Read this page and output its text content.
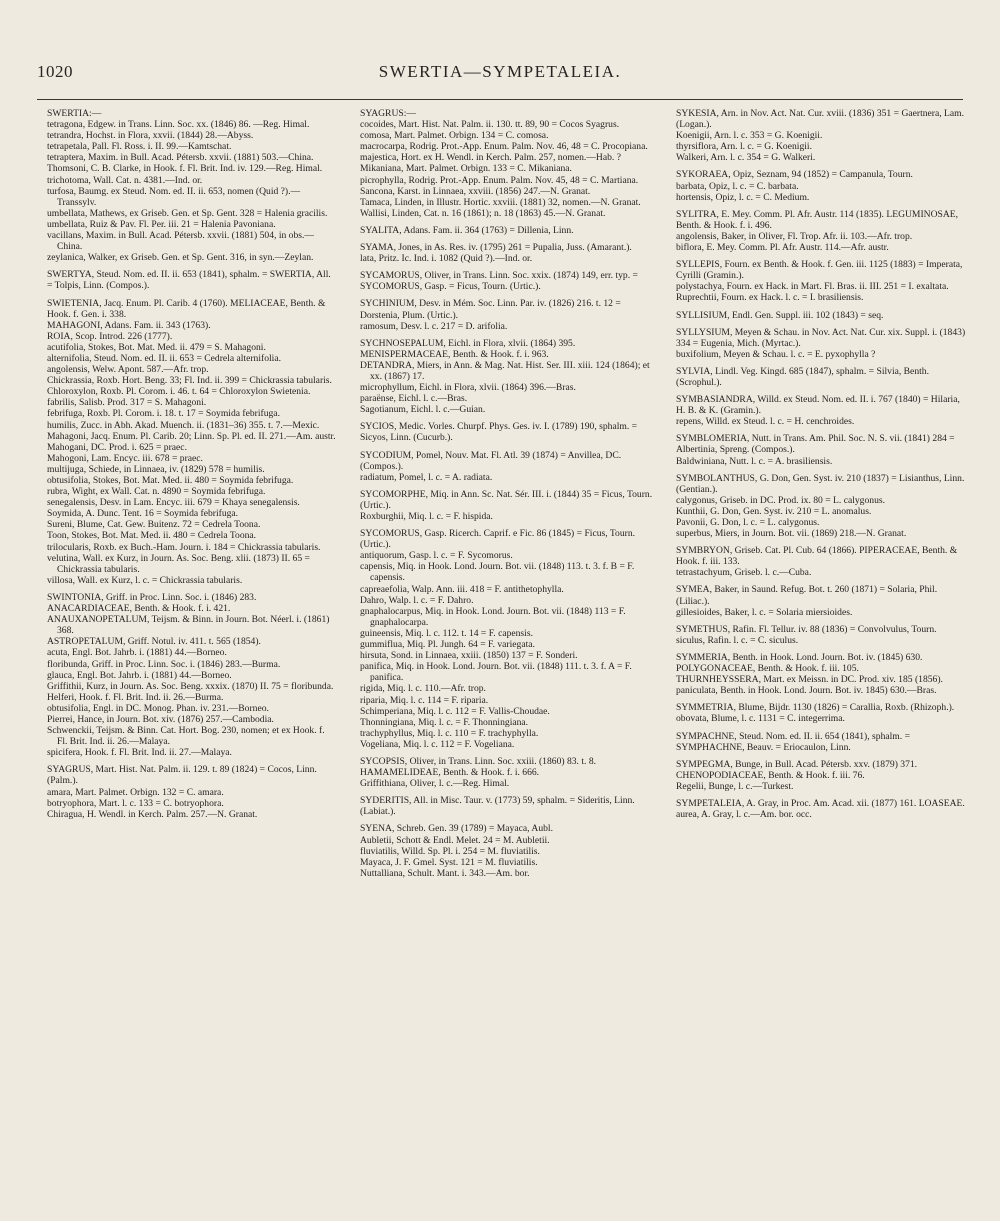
1020	SWERTIA—SYMPETALEIA.
SWERTIA:—
tetragona, Edgew. in Trans. Linn. Soc. xx. (1846) 86. —Reg. Himal.
tetrandra, Hochst. in Flora, xxvii. (1844) 28.—Abyss.
tetrapetala, Pall. Fl. Ross. i. II. 99.—Kamtschat.
tetraptera, Maxim. in Bull. Acad. Pétersb. xxvii. (1881) 503.—China.
Thomsoni, C. B. Clarke, in Hook. f. Fl. Brit. Ind. iv. 129.—Reg. Himal.
trichotoma, Wall. Cat. n. 4381.—Ind. or.
turfosa, Baumg. ex Steud. Nom. ed. II. ii. 653, nomen (Quid ?).—Transsylv.
umbellata, Mathews, ex Griseb. Gen. et Sp. Gent. 328 = Halenia gracilis.
umbellata, Ruiz & Pav. Fl. Per. iii. 21 = Halenia Pavoniana.
vacillans, Maxim. in Bull. Acad. Pétersb. xxvii. (1881) 504, in obs.—China.
zeylanica, Walker, ex Griseb. Gen. et Sp. Gent. 316, in syn.—Zeylan.
SWERTYA, Steud. Nom. ed. II. ii. 653 (1841), sphalm. = SWERTIA, All. = Tolpis, Linn. (Compos.).
SWIETENIA, Jacq. Enum. Pl. Carib. 4 (1760). MELIACEAE, Benth. & Hook. f. Gen. i. 338.
MAHAGONI, Adans. Fam. ii. 343 (1763).
ROIA, Scop. Introd. 226 (1777).
acutifolia, Stokes, Bot. Mat. Med. ii. 479 = S. Mahagoni.
alternifolia, Steud. Nom. ed. II. ii. 653 = Cedrela alternifolia.
angolensis, Welw. Apont. 587.—Afr. trop.
Chickrassia, Roxb. Hort. Beng. 33; Fl. Ind. ii. 399 = Chickrassia tabularis.
Chloroxylon, Roxb. Pl. Corom. i. 46. t. 64 = Chloroxylon Swietenia.
fabrilis, Salisb. Prod. 317 = S. Mahagoni.
febrifuga, Roxb. Pl. Corom. i. 18. t. 17 = Soymida febrifuga.
humilis, Zucc. in Abh. Akad. Muench. ii. (1831–36) 355. t. 7.—Mexic.
Mahagoni, Jacq. Enum. Pl. Carib. 20; Linn. Sp. Pl. ed. II. 271.—Am. austr.
Mahogani, DC. Prod. i. 625 = praec.
Mahogoni, Lam. Encyc. iii. 678 = praec.
multijuga, Schiede, in Linnaea, iv. (1829) 578 = humilis.
obtusifolia, Stokes, Bot. Mat. Med. ii. 480 = Soymida febrifuga.
rubra, Wight, ex Wall. Cat. n. 4890 = Soymida febrifuga.
senegalensis, Desv. in Lam. Encyc. iii. 679 = Khaya senegalensis.
Soymida, A. Dunc. Tent. 16 = Soymida febrifuga.
Sureni, Blume, Cat. Gew. Buitenz. 72 = Cedrela Toona.
Toon, Stokes, Bot. Mat. Med. ii. 480 = Cedrela Toona.
trilocularis, Roxb. ex Buch.-Ham. Journ. i. 184 = Chickrassia tabularis.
velutina, Wall. ex Kurz, in Journ. As. Soc. Beng. xlii. (1873) II. 65 = Chickrassia tabularis.
villosa, Wall. ex Kurz, l. c. = Chickrassia tabularis.
SWINTONIA, Griff. in Proc. Linn. Soc. i. (1846) 283. ANACARDIACEAE, Benth. & Hook. f. i. 421.
ANAUXANOPETALUM, Teijsm. & Binn. in Journ. Bot. Néerl. i. (1861) 368.
ASTROPETALUM, Griff. Notul. iv. 411. t. 565 (1854).
acuta, Engl. Bot. Jahrb. i. (1881) 44.—Borneo.
floribunda, Griff. in Proc. Linn. Soc. i. (1846) 283.—Burma.
glauca, Engl. Bot. Jahrb. i. (1881) 44.—Borneo.
Griffithii, Kurz, in Journ. As. Soc. Beng. xxxix. (1870) II. 75 = floribunda.
Helferi, Hook. f. Fl. Brit. Ind. ii. 26.—Burma.
obtusifolia, Engl. in DC. Monog. Phan. iv. 231.—Borneo.
Pierrei, Hance, in Journ. Bot. xiv. (1876) 257.—Cambodia.
Schwenckii, Teijsm. & Binn. Cat. Hort. Bog. 230, nomen; et ex Hook. f. Fl. Brit. Ind. ii. 26.—Malaya.
spicifera, Hook. f. Fl. Brit. Ind. ii. 27.—Malaya.
SYAGRUS, Mart. Hist. Nat. Palm. ii. 129. t. 89 (1824) = Cocos, Linn. (Palm.).
amara, Mart. Palmet. Orbign. 132 = C. amara.
botryophora, Mart. l. c. 133 = C. botryophora.
Chiragua, H. Wendl. in Kerch. Palm. 257.—N. Granat.
SYAGRUS:—
cocoides, Mart. Hist. Nat. Palm. ii. 130. tt. 89, 90 = Cocos Syagrus.
comosa, Mart. Palmet. Orbign. 134 = C. comosa.
macrocarpa, Rodrig. Prot.-App. Enum. Palm. Nov. 46, 48 = C. Procopiana.
majestica, Hort. ex H. Wendl. in Kerch. Palm. 257, nomen.—Hab. ?
Mikaniana, Mart. Palmet. Orbign. 133 = C. Mikaniana.
picrophylla, Rodrig. Prot.-App. Enum. Palm. Nov. 45, 48 = C. Martiana.
Sancona, Karst. in Linnaea, xxviii. (1856) 247.—N. Granat.
Tamaca, Linden, in Illustr. Hortic. xxviii. (1881) 32, nomen.—N. Granat.
Wallisi, Linden, Cat. n. 16 (1861); n. 18 (1863) 45.—N. Granat.
SYALITA, Adans. Fam. ii. 364 (1763) = Dillenia, Linn.
SYAMA, Jones, in As. Res. iv. (1795) 261 = Pupalia, Juss. (Amarant.).
lata, Pritz. Ic. Ind. i. 1082 (Quid ?).—Ind. or.
SYCAMORUS, Oliver, in Trans. Linn. Soc. xxix. (1874) 149, err. typ. = SYCOMORUS, Gasp. = Ficus, Tourn. (Urtic.).
SYCHINIUM, Desv. in Mém. Soc. Linn. Par. iv. (1826) 216. t. 12 = Dorstenia, Plum. (Urtic.).
ramosum, Desv. l. c. 217 = D. arifolia.
SYCHNOSEPALUM, Eichl. in Flora, xlvii. (1864) 395. MENISPERMACEAE, Benth. & Hook. f. i. 963.
DETANDRA, Miers, in Ann. & Mag. Nat. Hist. Ser. III. xiii. 124 (1864); et xx. (1867) 17.
microphyllum, Eichl. in Flora, xlvii. (1864) 396.—Bras.
paraënse, Eichl. l. c.—Bras.
Sagotianum, Eichl. l. c.—Guian.
SYCIOS, Medic. Vorles. Churpf. Phys. Ges. iv. I. (1789) 190, sphalm. = Sicyos, Linn. (Cucurb.).
SYCODIUM, Pomel, Nouv. Mat. Fl. Atl. 39 (1874) = Anvillea, DC. (Compos.).
radiatum, Pomel, l. c. = A. radiata.
SYCOMORPHE, Miq. in Ann. Sc. Nat. Sér. III. i. (1844) 35 = Ficus, Tourn. (Urtic.).
Roxburghii, Miq. l. c. = F. hispida.
SYCOMORUS, Gasp. Ricerch. Caprif. e Fic. 86 (1845) = Ficus, Tourn. (Urtic.).
antiquorum, Gasp. l. c. = F. Sycomorus.
capensis, Miq. in Hook. Lond. Journ. Bot. vii. (1848) 113. t. 3. f. B = F. capensis.
capreaefolia, Walp. Ann. iii. 418 = F. antithetophylla.
Dahro, Walp. l. c. = F. Dahro.
gnaphalocarpus, Miq. in Hook. Lond. Journ. Bot. vii. (1848) 113 = F. gnaphalocarpa.
guineensis, Miq. l. c. 112. t. 14 = F. capensis.
gummiflua, Miq. Pl. Jungh. 64 = F. variegata.
hirsuta, Sond. in Linnaea, xxiii. (1850) 137 = F. Sonderi.
panifica, Miq. in Hook. Lond. Journ. Bot. vii. (1848) 111. t. 3. f. A = F. panifica.
rigida, Miq. l. c. 110.—Afr. trop.
riparia, Miq. l. c. 114 = F. riparia.
Schimperiana, Miq. l. c. 112 = F. Vallis-Choudae.
Thonningiana, Miq. l. c. = F. Thonningiana.
trachyphyllus, Miq. l. c. 110 = F. trachyphylla.
Vogeliana, Miq. l. c. 112 = F. Vogeliana.
SYCOPSIS, Oliver, in Trans. Linn. Soc. xxiii. (1860) 83. t. 8. HAMAMELIDEAE, Benth. & Hook. f. i. 666.
Griffithiana, Oliver, l. c.—Reg. Himal.
SYDERITIS, All. in Misc. Taur. v. (1773) 59, sphalm. = Sideritis, Linn. (Labiat.).
SYENA, Schreb. Gen. 39 (1789) = Mayaca, Aubl.
Aubletii, Schott & Endl. Melet. 24 = M. Aubletii.
fluviatilis, Willd. Sp. Pl. i. 254 = M. fluviatilis.
Mayaca, J. F. Gmel. Syst. 121 = M. fluviatilis.
Nuttalliana, Schult. Mant. i. 343.—Am. bor.
SYKESIA, Arn. in Nov. Act. Nat. Cur. xviii. (1836) 351 = Gaertnera, Lam. (Logan.).
Koenigii, Arn. l. c. 353 = G. Koenigii.
thyrsiflora, Arn. l. c. = G. Koenigii.
Walkeri, Arn. l. c. 354 = G. Walkeri.
SYKORAEA, Opiz, Seznam, 94 (1852) = Campanula, Tourn.
barbata, Opiz, l. c. = C. barbata.
hortensis, Opiz, l. c. = C. Medium.
SYLITRA, E. Mey. Comm. Pl. Afr. Austr. 114 (1835). LEGUMINOSAE, Benth. & Hook. f. i. 496.
angolensis, Baker, in Oliver, Fl. Trop. Afr. ii. 103.—Afr. trop.
biflora, E. Mey. Comm. Pl. Afr. Austr. 114.—Afr. austr.
SYLLEPIS, Fourn. ex Benth. & Hook. f. Gen. iii. 1125 (1883) = Imperata, Cyrilli (Gramin.).
polystachya, Fourn. ex Hack. in Mart. Fl. Bras. ii. III. 251 = I. exaltata.
Ruprechtii, Fourn. ex Hack. l. c. = I. brasiliensis.
SYLLISIUM, Endl. Gen. Suppl. iii. 102 (1843) = seq.
SYLLYSIUM, Meyen & Schau. in Nov. Act. Nat. Cur. xix. Suppl. i. (1843) 334 = Eugenia, Mich. (Myrtac.).
buxifolium, Meyen & Schau. l. c. = E. pyxophylla ?
SYLVIA, Lindl. Veg. Kingd. 685 (1847), sphalm. = Silvia, Benth. (Scrophul.).
SYMBASIANDRA, Willd. ex Steud. Nom. ed. II. i. 767 (1840) = Hilaria, H. B. & K. (Gramin.).
repens, Willd. ex Steud. l. c. = H. cenchroides.
SYMBLOMERIA, Nutt. in Trans. Am. Phil. Soc. N. S. vii. (1841) 284 = Albertinia, Spreng. (Compos.).
Baldwiniana, Nutt. l. c. = A. brasiliensis.
SYMBOLANTHUS, G. Don, Gen. Syst. iv. 210 (1837) = Lisianthus, Linn. (Gentian.).
calygonus, Griseb. in DC. Prod. ix. 80 = L. calygonus.
Kunthii, G. Don, Gen. Syst. iv. 210 = L. anomalus.
Pavonii, G. Don, l. c. = L. calygonus.
superbus, Miers, in Journ. Bot. vii. (1869) 218.—N. Granat.
SYMBRYON, Griseb. Cat. Pl. Cub. 64 (1866). PIPERACEAE, Benth. & Hook. f. iii. 133.
tetrastachyum, Griseb. l. c.—Cuba.
SYMEA, Baker, in Saund. Refug. Bot. t. 260 (1871) = Solaria, Phil. (Liliac.).
gillesioides, Baker, l. c. = Solaria miersioides.
SYMETHUS, Rafin. Fl. Tellur. iv. 88 (1836) = Convolvulus, Tourn.
siculus, Rafin. l. c. = C. siculus.
SYMMERIA, Benth. in Hook. Lond. Journ. Bot. iv. (1845) 630. POLYGONACEAE, Benth. & Hook. f. iii. 105.
THURNHEYSSERA, Mart. ex Meissn. in DC. Prod. xiv. 185 (1856).
paniculata, Benth. in Hook. Lond. Journ. Bot. iv. 1845) 630.—Bras.
SYMMETRIA, Blume, Bijdr. 1130 (1826) = Carallia, Roxb. (Rhizoph.).
obovata, Blume, l. c. 1131 = C. integerrima.
SYMPACHNE, Steud. Nom. ed. II. ii. 654 (1841), sphalm. = SYMPHACHNE, Beauv. = Eriocaulon, Linn.
SYMPEGMA, Bunge, in Bull. Acad. Pétersb. xxv. (1879) 371. CHENOPODIACEAE, Benth. & Hook. f. iii. 76.
Regelii, Bunge, l. c.—Turkest.
SYMPETALEIA, A. Gray, in Proc. Am. Acad. xii. (1877) 161. LOASEAE.
aurea, A. Gray, l. c.—Am. bor. occ.
